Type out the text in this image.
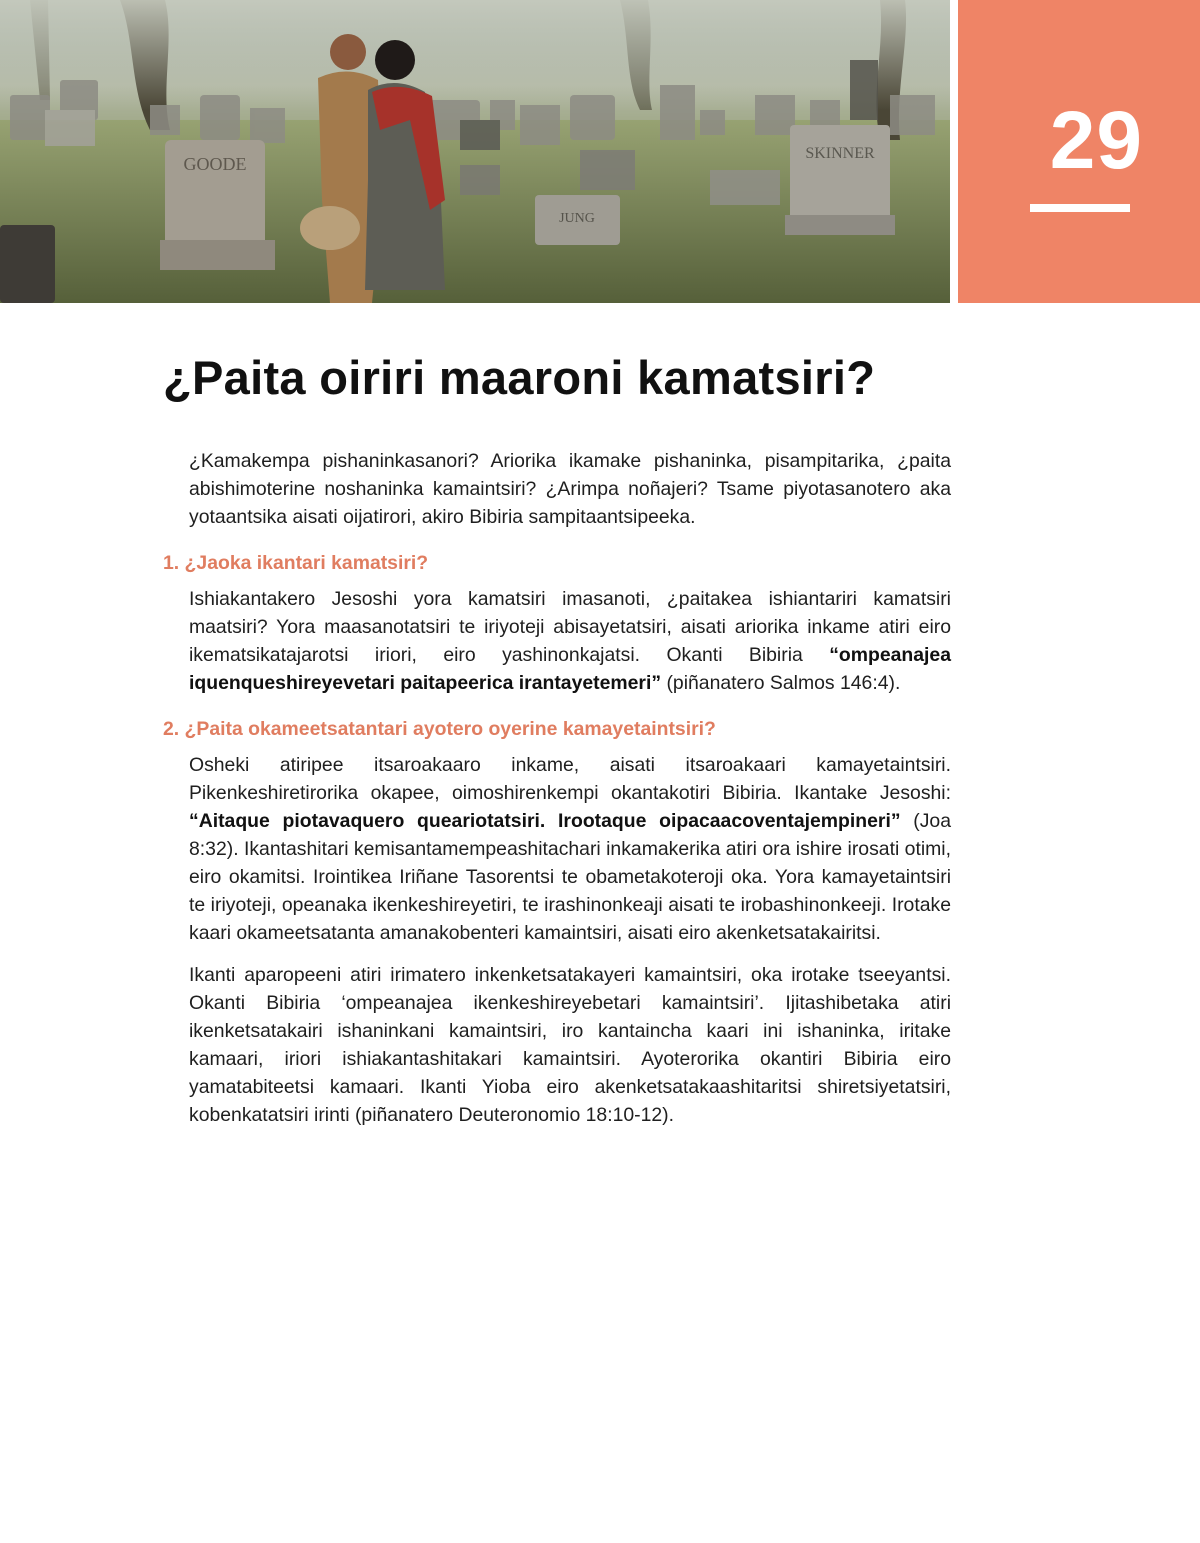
GOODE
SKINNER
JUNG
29
¿Paita oiriri maaroni kamatsiri?

¿Kamakempa pishaninkasanori? Ariorika ikamake pishaninka, pisampitarika, ¿paita abishimoterine noshaninka kamaintsiri? ¿Arimpa noñajeri? Tsame piyotasanotero aka yotaantsika aisati oijatirori, akiro Bibiria sampitaantsipeeka.

1. ¿Jaoka ikantari kamatsiri?

Ishiakantakero Jesoshi yora kamatsiri imasanoti, ¿paitakea ishiantariri kamatsiri maatsiri? Yora maasanotatsiri te iriyoteji abisayetatsiri, aisati ariorika inkame atiri eiro ikematsikatajarotsi iriori, eiro yashinonkajatsi. Okanti Bibiria “ompeanajea iquenqueshireyevetari paitapeerica irantayetemeri” (piñanatero Salmos 146:4).

2. ¿Paita okameetsatantari ayotero oyerine kamayetaintsiri?

Osheki atiripee itsaroakaaro inkame, aisati itsaroakaari kamayetaintsiri. Pikenkeshiretirorika okapee, oimoshirenkempi okantakotiri Bibiria. Ikantake Jesoshi: “Aitaque piotavaquero queariotatsiri. Irootaque oipacaacoventajempineri” (Joa 8:32). Ikantashitari kemisantamempeashitachari inkamakerika atiri ora ishire irosati otimi, eiro okamitsi. Irointikea Iriñane Tasorentsi te obametakoteroji oka. Yora kamayetaintsiri te iriyoteji, opeanaka ikenkeshireyetiri, te irashinonkeaji aisati te irobashinonkeeji. Irotake kaari okameetsatanta amanakobenteri kamaintsiri, aisati eiro akenketsatakairitsi.

Ikanti aparopeeni atiri irimatero inkenketsatakayeri kamaintsiri, oka irotake tseeyantsi. Okanti Bibiria ‘ompeanajea ikenkeshireyebetari kamaintsiri’. Ijitashibetaka atiri ikenketsatakairi ishaninkani kamaintsiri, iro kantaincha kaari ini ishaninka, iritake kamaari, iriori ishiakantashitakari kamaintsiri. Ayoterorika okantiri Bibiria eiro yamatabiteetsi kamaari. Ikanti Yioba eiro akenketsatakaashitaritsi shiretsiyetatsiri, kobenkatatsiri irinti (piñanatero Deuteronomio 18:10-12).
